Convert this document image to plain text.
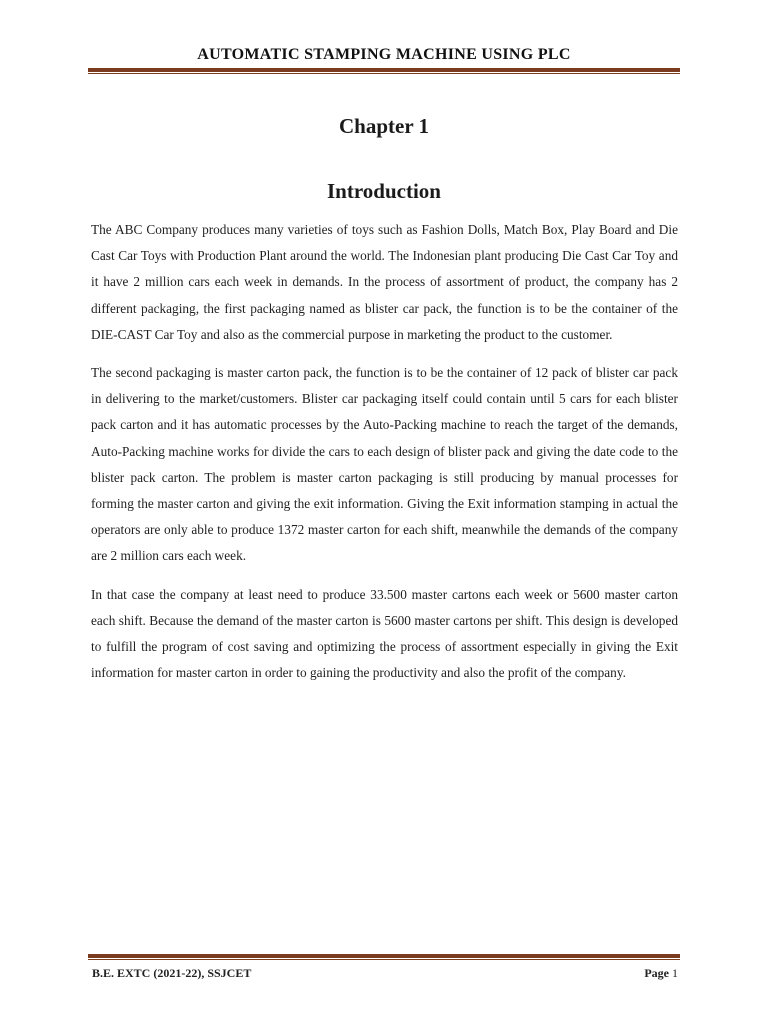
AUTOMATIC STAMPING MACHINE USING PLC
Chapter 1
Introduction

The ABC Company produces many varieties of toys such as Fashion Dolls, Match Box, Play Board and Die Cast Car Toys with Production Plant around the world. The Indonesian plant producing Die Cast Car Toy and it have 2 million cars each week in demands. In the process of assortment of product, the company has 2 different packaging, the first packaging named as blister car pack, the function is to be the container of the DIE-CAST Car Toy and also as the commercial purpose in marketing the product to the customer.

The second packaging is master carton pack, the function is to be the container of 12 pack of blister car pack in delivering to the market/customers. Blister car packaging itself could contain until 5 cars for each blister pack carton and it has automatic processes by the Auto-Packing machine to reach the target of the demands, Auto-Packing machine works for divide the cars to each design of blister pack and giving the date code to the blister pack carton. The problem is master carton packaging is still producing by manual processes for forming the master carton and giving the exit information. Giving the Exit information stamping in actual the operators are only able to produce 1372 master carton for each shift, meanwhile the demands of the company are 2 million cars each week.

In that case the company at least need to produce 33.500 master cartons each week or 5600 master carton each shift. Because the demand of the master carton is 5600 master cartons per shift. This design is developed to fulfill the program of cost saving and optimizing the process of assortment especially in giving the Exit information for master carton in order to gaining the productivity and also the profit of the company.

B.E. EXTC (2021-22), SSJCET	Page 1
